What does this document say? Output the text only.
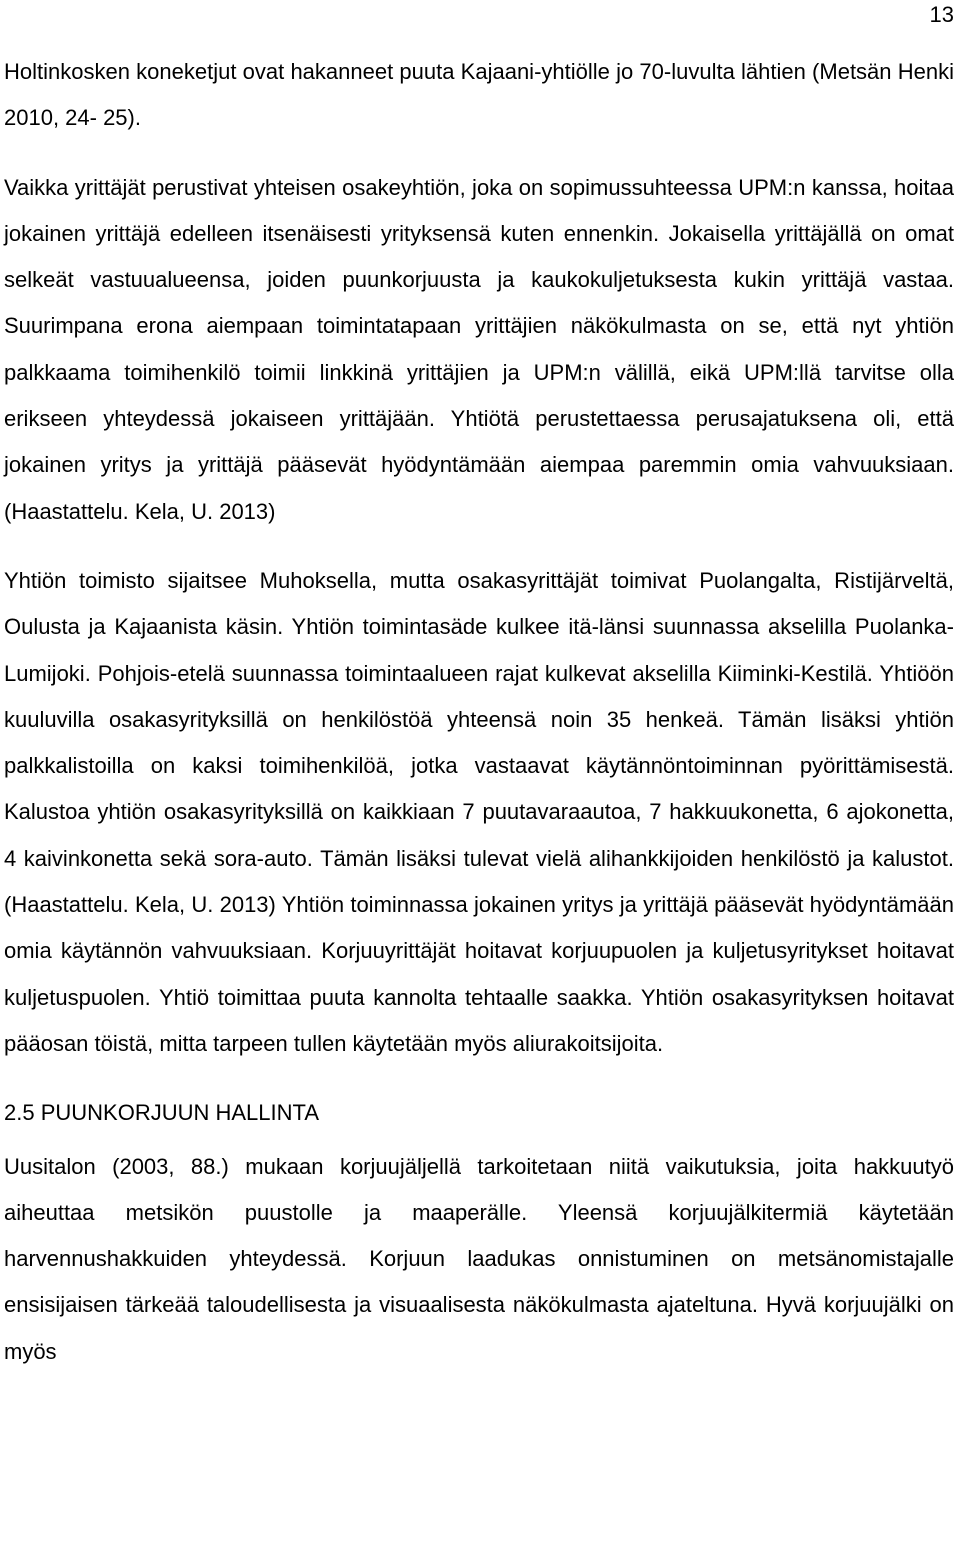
13

Holtinkosken koneketjut ovat hakanneet puuta Kajaani-yhtiölle jo 70-luvulta lähtien (Metsän Henki 2010, 24- 25).

Vaikka yrittäjät perustivat yhteisen osakeyhtiön, joka on sopimussuhteessa UPM:n kanssa, hoitaa jokainen yrittäjä edelleen itsenäisesti yrityksensä kuten ennenkin. Jokaisella yrittäjällä on omat selkeät vastuualueensa, joiden puunkorjuusta ja kaukokuljetuksesta kukin yrittäjä vastaa. Suurimpana erona aiempaan toimintatapaan yrittäjien näkökulmasta on se, että nyt yhtiön palkkaama toimihenkilö toimii linkkinä yrittäjien ja UPM:n välillä, eikä UPM:llä tarvitse olla erikseen yhteydessä jokaiseen yrittäjään. Yhtiötä perustettaessa perusajatuksena oli, että jokainen yritys ja yrittäjä pääsevät hyödyntämään aiempaa paremmin omia vahvuuksiaan. (Haastattelu. Kela, U. 2013)

Yhtiön toimisto sijaitsee Muhoksella, mutta osakasyrittäjät toimivat Puolangalta, Ristijärveltä, Oulusta ja Kajaanista käsin. Yhtiön toimintasäde kulkee itä-länsi suunnassa akselilla Puolanka-Lumijoki. Pohjois-etelä suunnassa toimintaalueen rajat kulkevat akselilla Kiiminki-Kestilä. Yhtiöön kuuluvilla osakasyrityksillä on henkilöstöä yhteensä noin 35 henkeä. Tämän lisäksi yhtiön palkkalistoilla on kaksi toimihenkilöä, jotka vastaavat käytännöntoiminnan pyörittämisestä. Kalustoa yhtiön osakasyrityksillä on kaikkiaan 7 puutavaraautoa, 7 hakkuukonetta, 6 ajokonetta, 4 kaivinkonetta sekä sora-auto. Tämän lisäksi tulevat vielä alihankkijoiden henkilöstö ja kalustot. (Haastattelu. Kela, U. 2013) Yhtiön toiminnassa jokainen yritys ja yrittäjä pääsevät hyödyntämään omia käytännön vahvuuksiaan. Korjuuyrittäjät hoitavat korjuupuolen ja kuljetusyritykset hoitavat kuljetuspuolen. Yhtiö toimittaa puuta kannolta tehtaalle saakka. Yhtiön osakasyrityksen hoitavat pääosan töistä, mitta tarpeen tullen käytetään myös aliurakoitsijoita.

2.5 PUUNKORJUUN HALLINTA

Uusitalon (2003, 88.) mukaan korjuujäljellä tarkoitetaan niitä vaikutuksia, joita hakkuutyö aiheuttaa metsikön puustolle ja maaperälle. Yleensä korjuujälkitermiä käytetään harvennushakkuiden yhteydessä. Korjuun laadukas onnistuminen on metsänomistajalle ensisijaisen tärkeää taloudellisesta ja visuaalisesta näkökulmasta ajateltuna. Hyvä korjuujälki on myös
